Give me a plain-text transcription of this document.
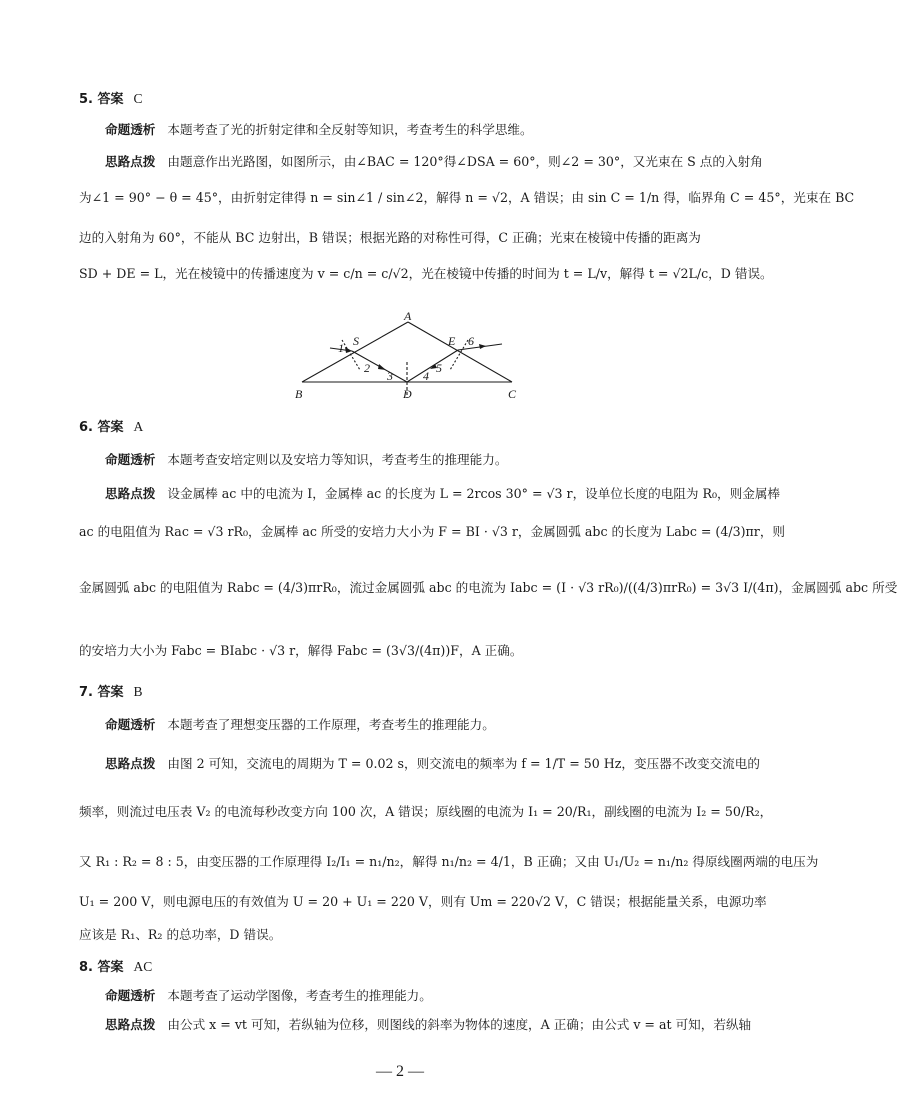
5. 答案 C
命题透析 本题考查了光的折射定律和全反射等知识，考查考生的科学思维。
思路点拨 由题意作出光路图，如图所示，由∠BAC = 120°得∠DSA = 60°，则∠2 = 30°，又光束在 S 点的入射角
为∠1 = 90° − θ = 45°，由折射定律得 n = sin∠1 / sin∠2，解得 n = √2，A 错误；由 sin C = 1/n 得，临界角 C = 45°，光束在 BC
边的入射角为 60°，不能从 BC 边射出，B 错误；根据光路的对称性可得，C 正确；光束在棱镜中传播的距离为
SD + DE = L，光在棱镜中的传播速度为 v = c/n = c/√2，光在棱镜中传播的时间为 t = L/v，解得 t = √2L/c，D 错误。
A
B	C
D
S	E
1
2
3	4
5
6
6. 答案 A
命题透析 本题考查安培定则以及安培力等知识，考查考生的推理能力。
思路点拨 设金属棒 ac 中的电流为 I，金属棒 ac 的长度为 L = 2rcos 30° = √3 r，设单位长度的电阻为 R₀，则金属棒
ac 的电阻值为 Rac = √3 rR₀，金属棒 ac 所受的安培力大小为 F = BI · √3 r，金属圆弧 abc 的长度为 Labc = (4/3)πr，则
金属圆弧 abc 的电阻值为 Rabc = (4/3)πrR₀，流过金属圆弧 abc 的电流为 Iabc = (I · √3 rR₀)/((4/3)πrR₀) = 3√3 I/(4π)，金属圆弧 abc 所受
的安培力大小为 Fabc = BIabc · √3 r，解得 Fabc = (3√3/(4π))F，A 正确。
7. 答案 B
命题透析 本题考查了理想变压器的工作原理，考查考生的推理能力。
思路点拨 由图 2 可知，交流电的周期为 T = 0.02 s，则交流电的频率为 f = 1/T = 50 Hz，变压器不改变交流电的
频率，则流过电压表 V₂ 的电流每秒改变方向 100 次，A 错误；原线圈的电流为 I₁ = 20/R₁，副线圈的电流为 I₂ = 50/R₂，
又 R₁ : R₂ = 8 : 5，由变压器的工作原理得 I₂/I₁ = n₁/n₂，解得 n₁/n₂ = 4/1，B 正确；又由 U₁/U₂ = n₁/n₂ 得原线圈两端的电压为
U₁ = 200 V，则电源电压的有效值为 U = 20 + U₁ = 220 V，则有 Um = 220√2 V，C 错误；根据能量关系，电源功率
应该是 R₁、R₂ 的总功率，D 错误。
8. 答案 AC
命题透析 本题考查了运动学图像，考查考生的推理能力。
思路点拨 由公式 x = vt 可知，若纵轴为位移，则图线的斜率为物体的速度，A 正确；由公式 v = at 可知，若纵轴
— 2 —
